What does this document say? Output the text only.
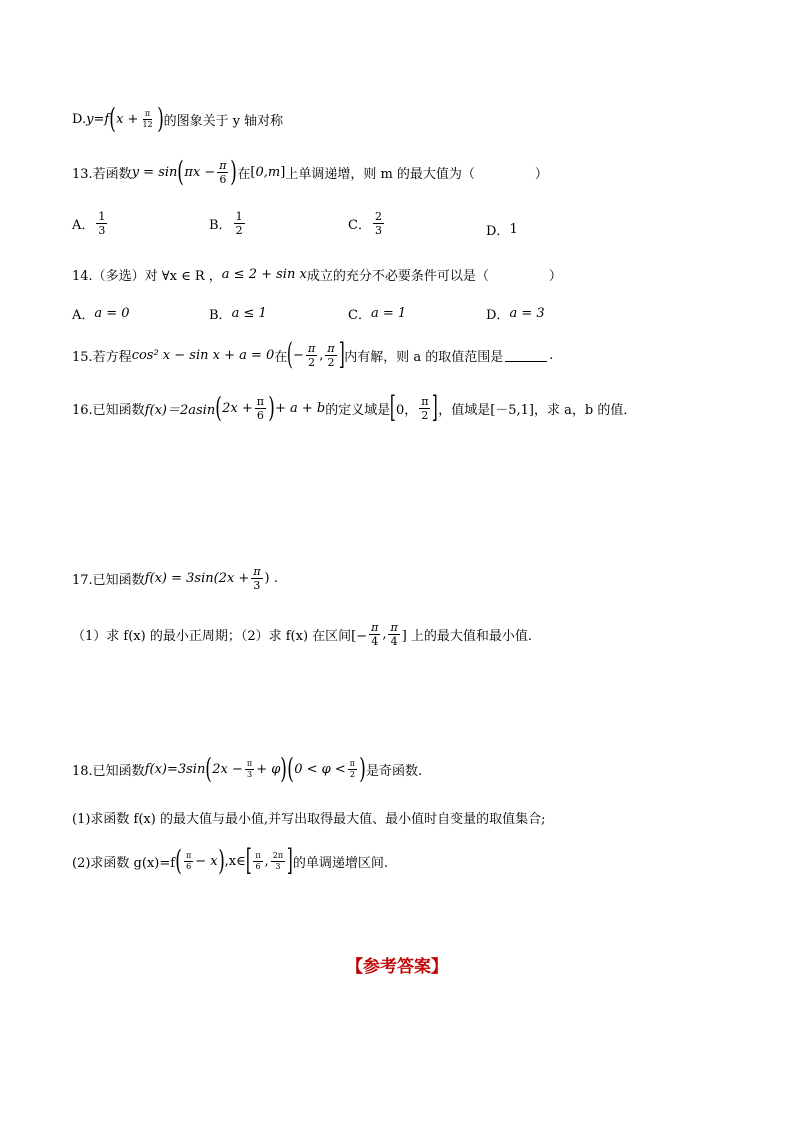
D. y=f ( $x + \frac{\pi}{12}$ ) 的图象关于 y 轴对称
13.若函数 y = sin ( $\pi x - \frac{\pi}{6}$ ) 在 [ 0,m ] 上单调递增，则 m 的最大值为（	）
A． $\frac{1}{3}$	B． $\frac{1}{2}$	C． $\frac{2}{3}$	D． 1
14.（多选）对 ∀x ∈ R ， a ≤ 2 + sin x 成立的充分不必要条件可以是（	）
A． a = 0	B． a ≤ 1	C． a = 1	D． a = 3
15.若方程 cos² x − sin x + a = 0 在 ( − $\frac{\pi}{2}$ , $\frac{\pi}{2}$ ] 内有解，则 a 的取值范围是	.
16.已知函数 f(x)＝2asin ( $2x + \frac{\pi}{6}$ ) + a + b 的定义域是 [ 0， $\frac{\pi}{2}$ ] ，值域是[－5,1]，求 a，b 的值．
17.已知函数 $f(x) = 3\sin(2x + \frac{\pi}{3}$ ) .
（1）求 f(x) 的最小正周期；（2）求 f(x) 在区间[− $\frac{\pi}{4}$ , $\frac{\pi}{4}$ ] 上的最大值和最小值.
18.已知函数 f(x)=3sin ( $2x - \frac{\pi}{3} + \varphi$ ) ( $0 < \varphi < \frac{\pi}{2}$ ) 是奇函数.
(1)求函数 f(x) 的最大值与最小值,并写出取得最大值、最小值时自变量的取值集合;
(2)求函数 g(x)=f ( $\frac{\pi}{6} - x$ ) ,x∈ [ $\frac{\pi}{6}$ , $\frac{2\pi}{3}$ ] 的单调递增区间.
【参考答案】
